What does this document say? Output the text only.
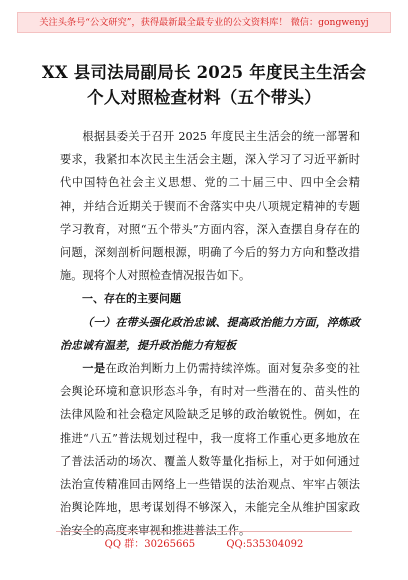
关注头条号“公文研究”，获得最新最全最专业的公文资料库！ 微信：gongwenyj
XX 县司法局副局长 2025 年度民主生活会
个人对照检查材料（五个带头）

根据县委关于召开 2025 年度民主生活会的统一部署和要求，我紧扣本次民主生活会主题，深入学习了习近平新时代中国特色社会主义思想、党的二十届三中、四中全会精神，并结合近期关于锲而不舍落实中央八项规定精神的专题学习教育，对照“五个带头”方面内容，深入查摆自身存在的问题，深刻剖析问题根源，明确了今后的努力方向和整改措施。现将个人对照检查情况报告如下。

一、存在的主要问题

（一）在带头强化政治忠诚、提高政治能力方面，淬炼政治忠诚有温差，提升政治能力有短板

一是在政治判断力上仍需持续淬炼。面对复杂多变的社会舆论环境和意识形态斗争，有时对一些潜在的、苗头性的法律风险和社会稳定风险缺乏足够的政治敏锐性。例如，在推进“八五”普法规划过程中，我一度将工作重心更多地放在了普法活动的场次、覆盖人数等量化指标上，对于如何通过法治宣传精准回击网络上一些错误的法治观点、牢牢占领法治舆论阵地，思考谋划得不够深入，未能完全从维护国家政治安全的高度来审视和推进普法工作。

QQ 群：30265665	QQ:535304092
